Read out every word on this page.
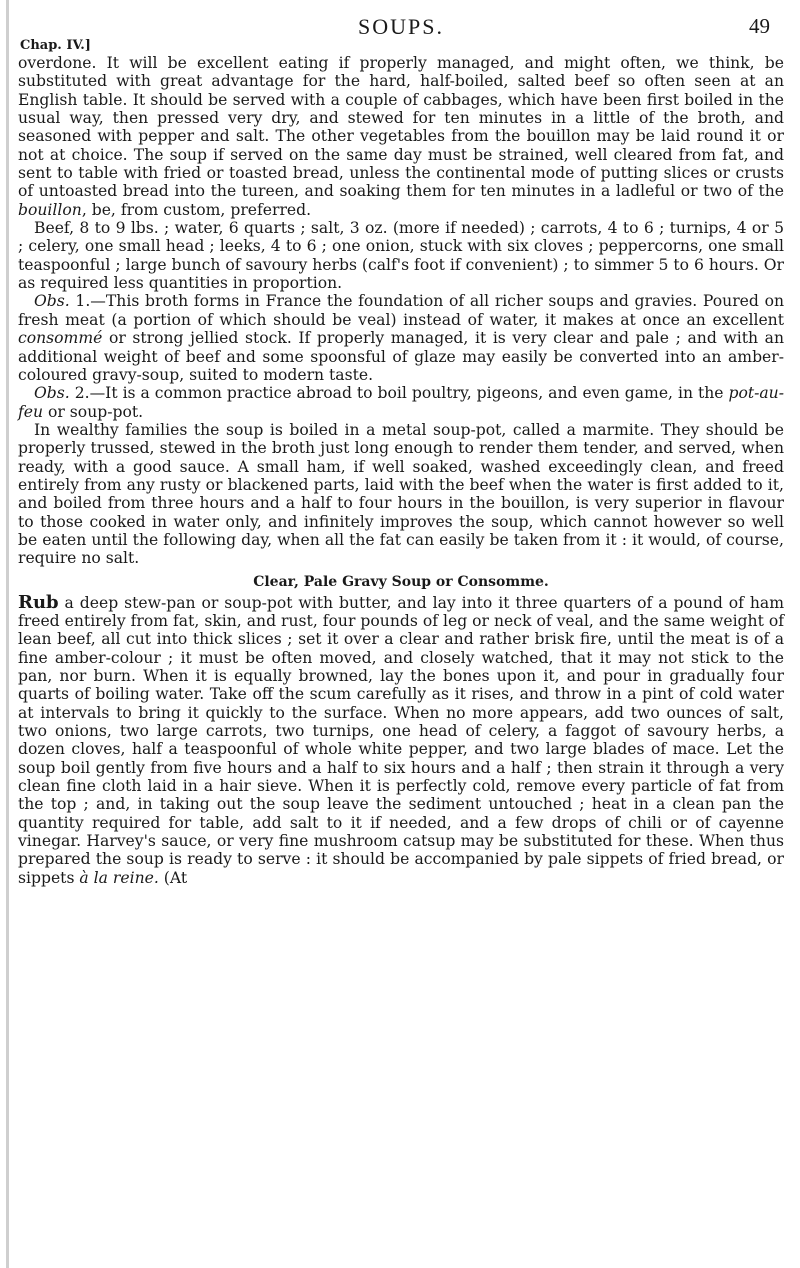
SOUPS.	49
Chap. IV.]

overdone. It will be excellent eating if properly managed, and might often, we think, be substituted with great advantage for the hard, half-boiled, salted beef so often seen at an English table. It should be served with a couple of cabbages, which have been first boiled in the usual way, then pressed very dry, and stewed for ten minutes in a little of the broth, and seasoned with pepper and salt. The other vegetables from the bouillon may be laid round it or not at choice. The soup if served on the same day must be strained, well cleared from fat, and sent to table with fried or toasted bread, unless the continental mode of putting slices or crusts of untoasted bread into the tureen, and soaking them for ten minutes in a ladleful or two of the bouillon, be, from custom, preferred.

Beef, 8 to 9 lbs. ; water, 6 quarts ; salt, 3 oz. (more if needed) ; carrots, 4 to 6 ; turnips, 4 or 5 ; celery, one small head ; leeks, 4 to 6 ; one onion, stuck with six cloves ; peppercorns, one small teaspoonful ; large bunch of savoury herbs (calf's foot if convenient) ; to simmer 5 to 6 hours. Or as required less quantities in proportion.

Obs. 1.—This broth forms in France the foundation of all richer soups and gravies. Poured on fresh meat (a portion of which should be veal) instead of water, it makes at once an excellent consommé or strong jellied stock. If properly managed, it is very clear and pale ; and with an additional weight of beef and some spoonsful of glaze may easily be converted into an amber-coloured gravy-soup, suited to modern taste.

Obs. 2.—It is a common practice abroad to boil poultry, pigeons, and even game, in the pot-au-feu or soup-pot.

In wealthy families the soup is boiled in a metal soup-pot, called a marmite. They should be properly trussed, stewed in the broth just long enough to render them tender, and served, when ready, with a good sauce. A small ham, if well soaked, washed exceedingly clean, and freed entirely from any rusty or blackened parts, laid with the beef when the water is first added to it, and boiled from three hours and a half to four hours in the bouillon, is very superior in flavour to those cooked in water only, and infinitely improves the soup, which cannot however so well be eaten until the following day, when all the fat can easily be taken from it : it would, of course, require no salt.

Clear, Pale Gravy Soup or Consomme.

Rub a deep stew-pan or soup-pot with butter, and lay into it three quarters of a pound of ham freed entirely from fat, skin, and rust, four pounds of leg or neck of veal, and the same weight of lean beef, all cut into thick slices ; set it over a clear and rather brisk fire, until the meat is of a fine amber-colour ; it must be often moved, and closely watched, that it may not stick to the pan, nor burn. When it is equally browned, lay the bones upon it, and pour in gradually four quarts of boiling water. Take off the scum carefully as it rises, and throw in a pint of cold water at intervals to bring it quickly to the surface. When no more appears, add two ounces of salt, two onions, two large carrots, two turnips, one head of celery, a faggot of savoury herbs, a dozen cloves, half a teaspoonful of whole white pepper, and two large blades of mace. Let the soup boil gently from five hours and a half to six hours and a half ; then strain it through a very clean fine cloth laid in a hair sieve. When it is perfectly cold, remove every particle of fat from the top ; and, in taking out the soup leave the sediment untouched ; heat in a clean pan the quantity required for table, add salt to it if needed, and a few drops of chili or of cayenne vinegar. Harvey's sauce, or very fine mushroom catsup may be substituted for these. When thus prepared the soup is ready to serve : it should be accompanied by pale sippets of fried bread, or sippets à la reine. (At
